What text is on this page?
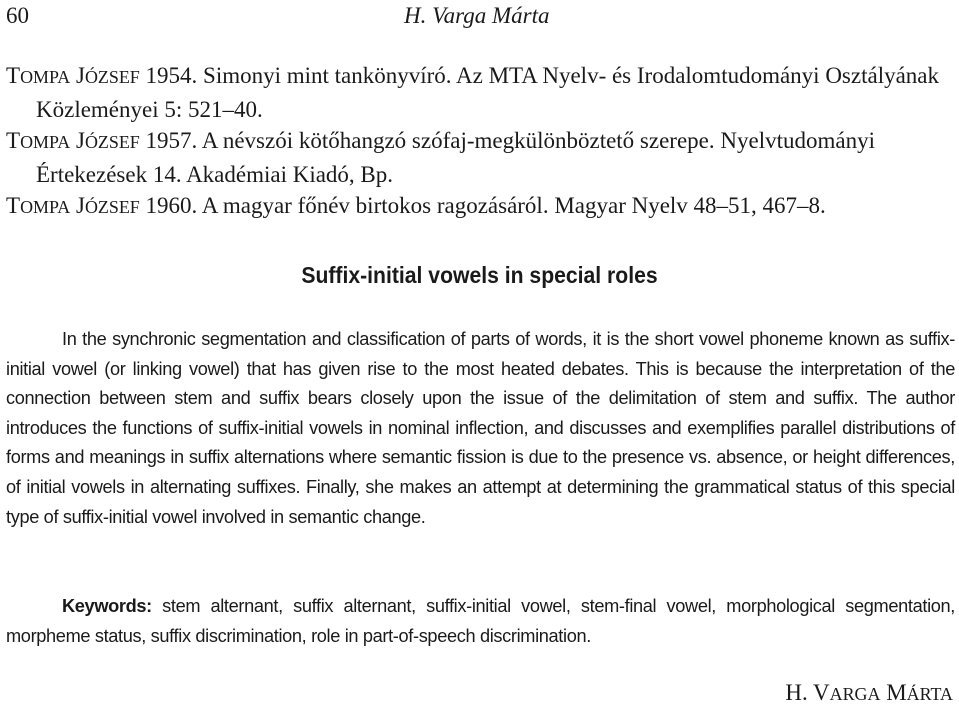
60	H. Varga Márta

TOMPA JÓZSEF 1954. Simonyi mint tankönyvíró. Az MTA Nyelv- és Irodalomtudományi Osztályának Közleményei 5: 521–40.

TOMPA JÓZSEF 1957. A névszói kötőhangzó szófaj-megkülönböztető szerepe. Nyelvtudományi Értekezések 14. Akadémiai Kiadó, Bp.

TOMPA JÓZSEF 1960. A magyar főnév birtokos ragozásáról. Magyar Nyelv 48–51, 467–8.

Suffix-initial vowels in special roles

In the synchronic segmentation and classification of parts of words, it is the short vowel phoneme known as suffix-initial vowel (or linking vowel) that has given rise to the most heated debates. This is because the interpretation of the connection between stem and suffix bears closely upon the issue of the delimitation of stem and suffix. The author introduces the functions of suffix-initial vowels in nominal inflection, and discusses and exemplifies parallel distributions of forms and meanings in suffix alternations where semantic fission is due to the presence vs. absence, or height differences, of initial vowels in alternating suffixes. Finally, she makes an attempt at determining the grammatical status of this special type of suffix-initial vowel involved in semantic change.

Keywords: stem alternant, suffix alternant, suffix-initial vowel, stem-final vowel, morphological segmentation, morpheme status, suffix discrimination, role in part-of-speech discrimination.

H. VARGA MÁRTA
